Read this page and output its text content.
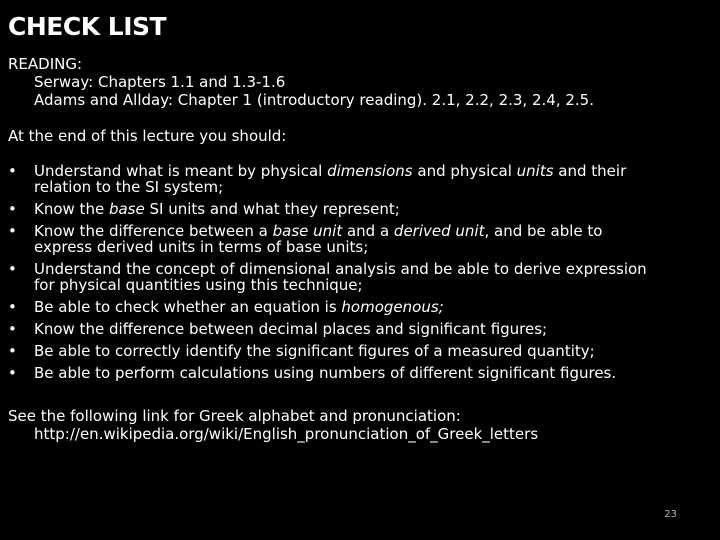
CHECK LIST

READING:

Serway: Chapters 1.1 and 1.3-1.6

Adams and Allday: Chapter 1 (introductory reading). 2.1, 2.2, 2.3, 2.4, 2.5.

At the end of this lecture you should:

• Understand what is meant by physical dimensions and physical units and their relation to the SI system;
• Know the base SI units and what they represent;
• Know the difference between a base unit and a derived unit, and be able to express derived units in terms of base units;
• Understand the concept of dimensional analysis and be able to derive expression for physical quantities using this technique;
• Be able to check whether an equation is homogenous;
• Know the difference between decimal places and significant figures;
• Be able to correctly identify the significant figures of a measured quantity;
• Be able to perform calculations using numbers of different significant figures.

See the following link for Greek alphabet and pronunciation:

http://en.wikipedia.org/wiki/English_pronunciation_of_Greek_letters

23
